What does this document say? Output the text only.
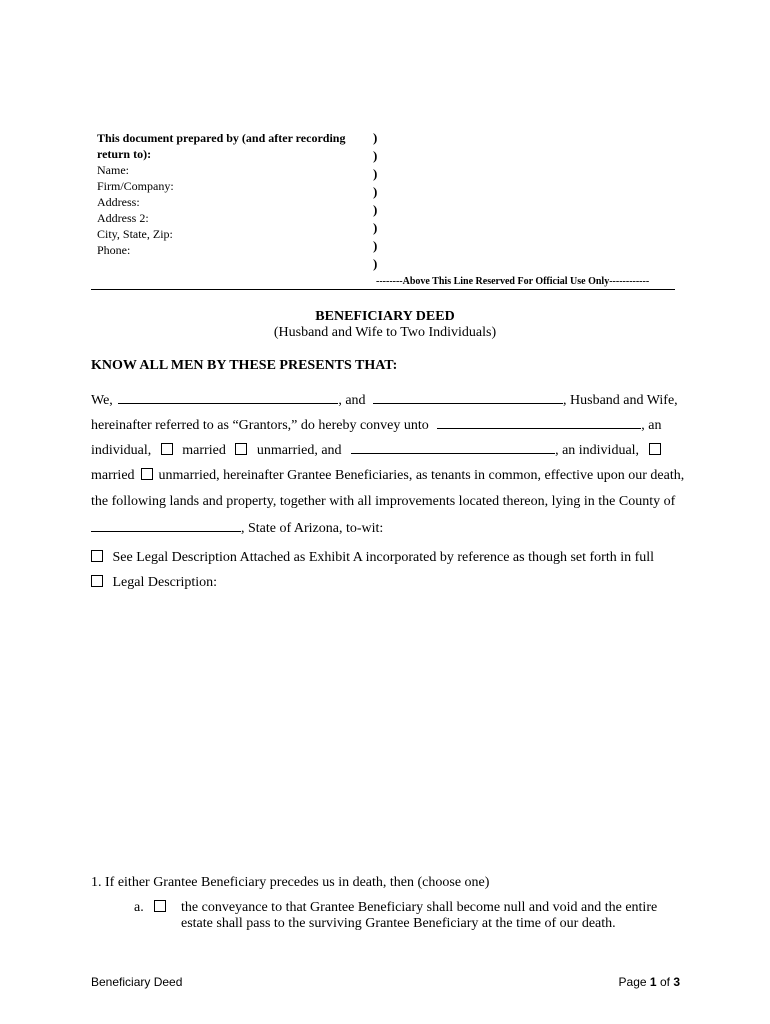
This document prepared by (and after recording
return to):
Name:
Firm/Company:
Address:
Address 2:
City, State, Zip:
Phone:
)
)
)
)
)
)
)
)
--------Above This Line Reserved For Official Use Only------------
BENEFICIARY DEED
(Husband and Wife to Two Individuals)
KNOW ALL MEN BY THESE PRESENTS THAT:
We,	, and	, Husband and Wife,
hereinafter referred to as “Grantors,” do hereby convey unto	, an
individual, married unmarried, and	, an individual,
married unmarried, hereinafter Grantee Beneficiaries, as tenants in common, effective upon our death,
the following lands and property, together with all improvements located thereon, lying in the County of
, State of Arizona, to-wit:
See Legal Description Attached as Exhibit A incorporated by reference as though set forth in full
Legal Description:
1. If either Grantee Beneficiary precedes us in death, then (choose one)
a.	the conveyance to that Grantee Beneficiary shall become null and void and the entire
estate shall pass to the surviving Grantee Beneficiary at the time of our death.
Beneficiary Deed	Page 1 of 3
